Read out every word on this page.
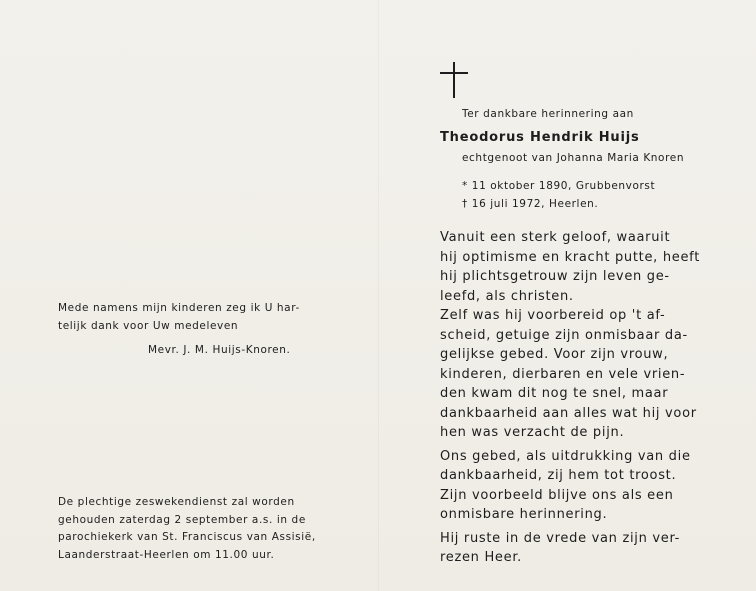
Ter dankbare herinnering aan
Theodorus Hendrik Huijs
echtgenoot van Johanna Maria Knoren
* 11 oktober 1890, Grubbenvorst
† 16 juli 1972, Heerlen.

Vanuit een sterk geloof, waaruit

hij optimisme en kracht putte, heeft

hij plichtsgetrouw zijn leven ge-

leefd, als christen.

Zelf was hij voorbereid op 't af-

scheid, getuige zijn onmisbaar da-

gelijkse gebed. Voor zijn vrouw,

kinderen, dierbaren en vele vrien-

den kwam dit nog te snel, maar

dankbaarheid aan alles wat hij voor

hen was verzacht de pijn.

Ons gebed, als uitdrukking van die

dankbaarheid, zij hem tot troost.

Zijn voorbeeld blijve ons als een

onmisbare herinnering.

Hij ruste in de vrede van zijn ver-

rezen Heer.

Mede namens mijn kinderen zeg ik U har-
telijk dank voor Uw medeleven
Mevr. J. M. Huijs-Knoren.
De plechtige zeswekendienst zal worden
gehouden zaterdag 2 september a.s. in de
parochiekerk van St. Franciscus van Assisië,
Laanderstraat-Heerlen om 11.00 uur.
